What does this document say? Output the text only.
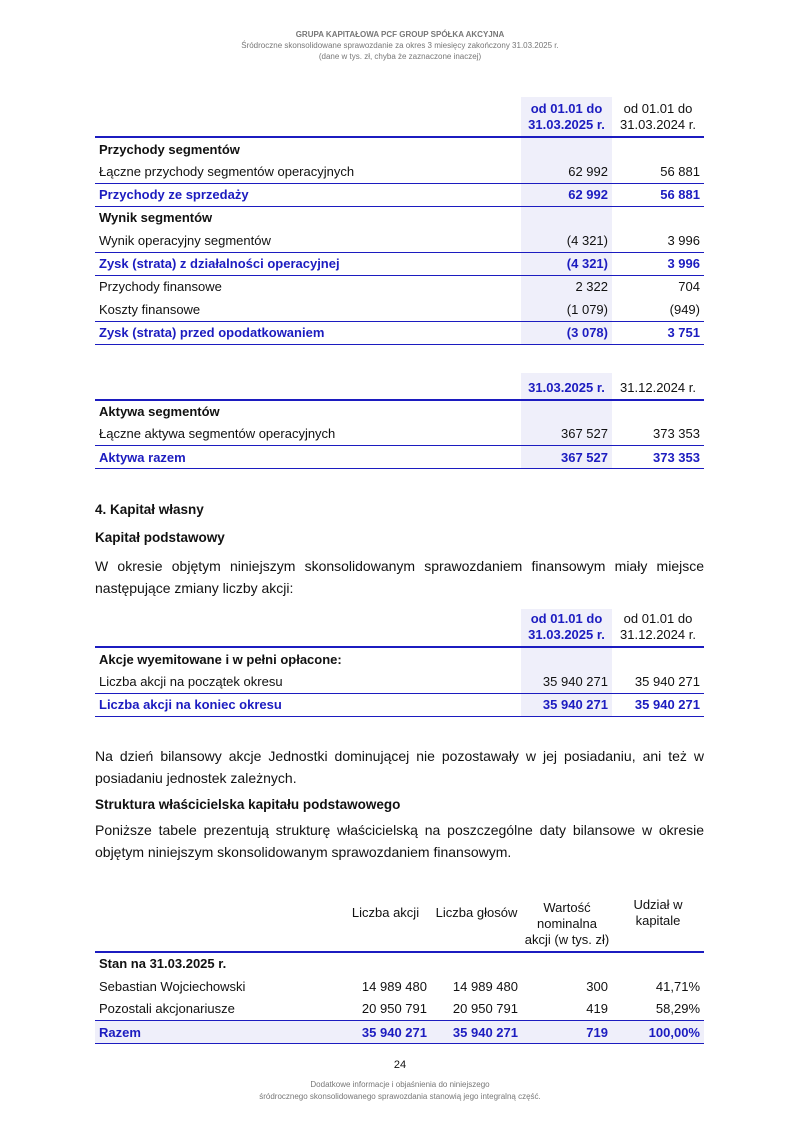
GRUPA KAPITAŁOWA PCF GROUP SPÓŁKA AKCYJNA
Śródroczne skonsolidowane sprawozdanie za okres 3 miesięcy zakończony 31.03.2025 r.
(dane w tys. zł, chyba że zaznaczone inaczej)
	od 01.01 do 31.03.2025 r.	od 01.01 do 31.03.2024 r.
Przychody segmentów		
Łączne przychody segmentów operacyjnych	62 992	56 881
Przychody ze sprzedaży	62 992	56 881
Wynik segmentów		
Wynik operacyjny segmentów	(4 321)	3 996
Zysk (strata) z działalności operacyjnej	(4 321)	3 996
Przychody finansowe	2 322	704
Koszty finansowe	(1 079)	(949)
Zysk (strata) przed opodatkowaniem	(3 078)	3 751
	31.03.2025 r.	31.12.2024 r.
Aktywa segmentów		
Łączne aktywa segmentów operacyjnych	367 527	373 353
Aktywa razem	367 527	373 353
4. Kapitał własny
Kapitał podstawowy
W okresie objętym niniejszym skonsolidowanym sprawozdaniem finansowym miały miejsce następujące zmiany liczby akcji:
	od 01.01 do 31.03.2025 r.	od 01.01 do 31.12.2024 r.
Akcje wyemitowane i w pełni opłacone:		
Liczba akcji na początek okresu	35 940 271	35 940 271
Liczba akcji na koniec okresu	35 940 271	35 940 271
Na dzień bilansowy akcje Jednostki dominującej nie pozostawały w jej posiadaniu, ani też w posiadaniu jednostek zależnych.
Struktura właścicielska kapitału podstawowego
Poniższe tabele prezentują strukturę właścicielską na poszczególne daty bilansowe w okresie objętym niniejszym skonsolidowanym sprawozdaniem finansowym.
	Liczba akcji	Liczba głosów	Wartość nominalna akcji (w tys. zł)	Udział w kapitale
Stan na 31.03.2025 r.				
Sebastian Wojciechowski	14 989 480	14 989 480	300	41,71%
Pozostali akcjonariusze	20 950 791	20 950 791	419	58,29%
Razem	35 940 271	35 940 271	719	100,00%
24
Dodatkowe informacje i objaśnienia do niniejszego
śródrocznego skonsolidowanego sprawozdania stanowią jego integralną część.
